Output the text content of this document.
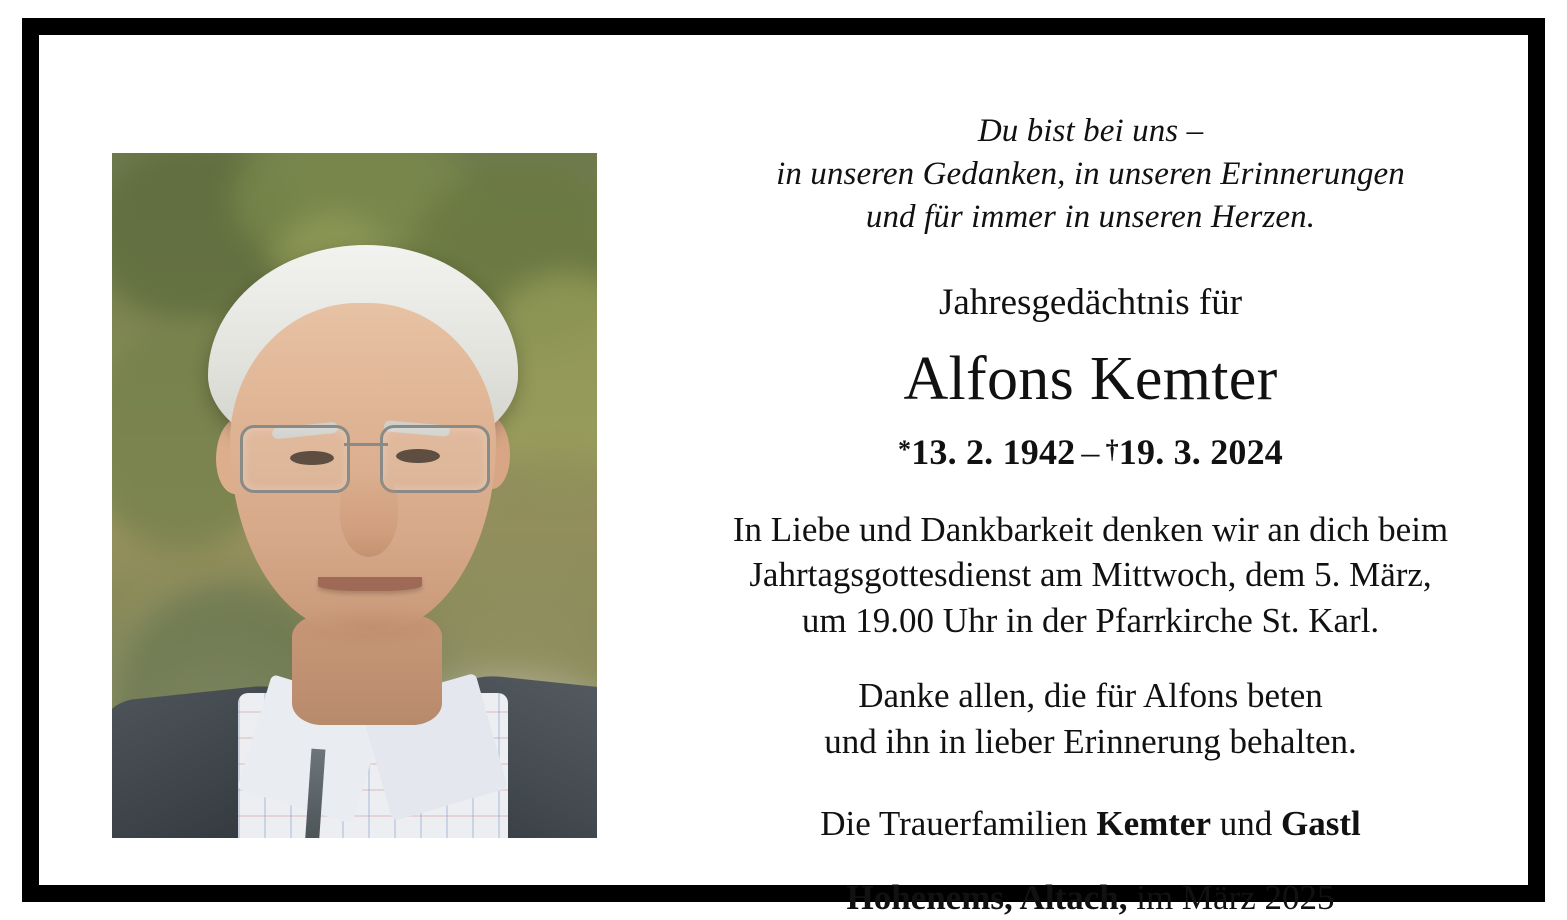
Du bist bei uns –
in unseren Gedanken, in unseren Erinnerungen
und für immer in unseren Herzen.
Jahresgedächtnis für
Alfons Kemter
*13. 2. 1942 – †19. 3. 2024
In Liebe und Dankbarkeit denken wir an dich beim
Jahrtagsgottesdienst am Mittwoch, dem 5. März,
um 19.00 Uhr in der Pfarrkirche St. Karl.
Danke allen, die für Alfons beten
und ihn in lieber Erinnerung behalten.
Die Trauerfamilien Kemter und Gastl
Hohenems, Altach, im März 2025
